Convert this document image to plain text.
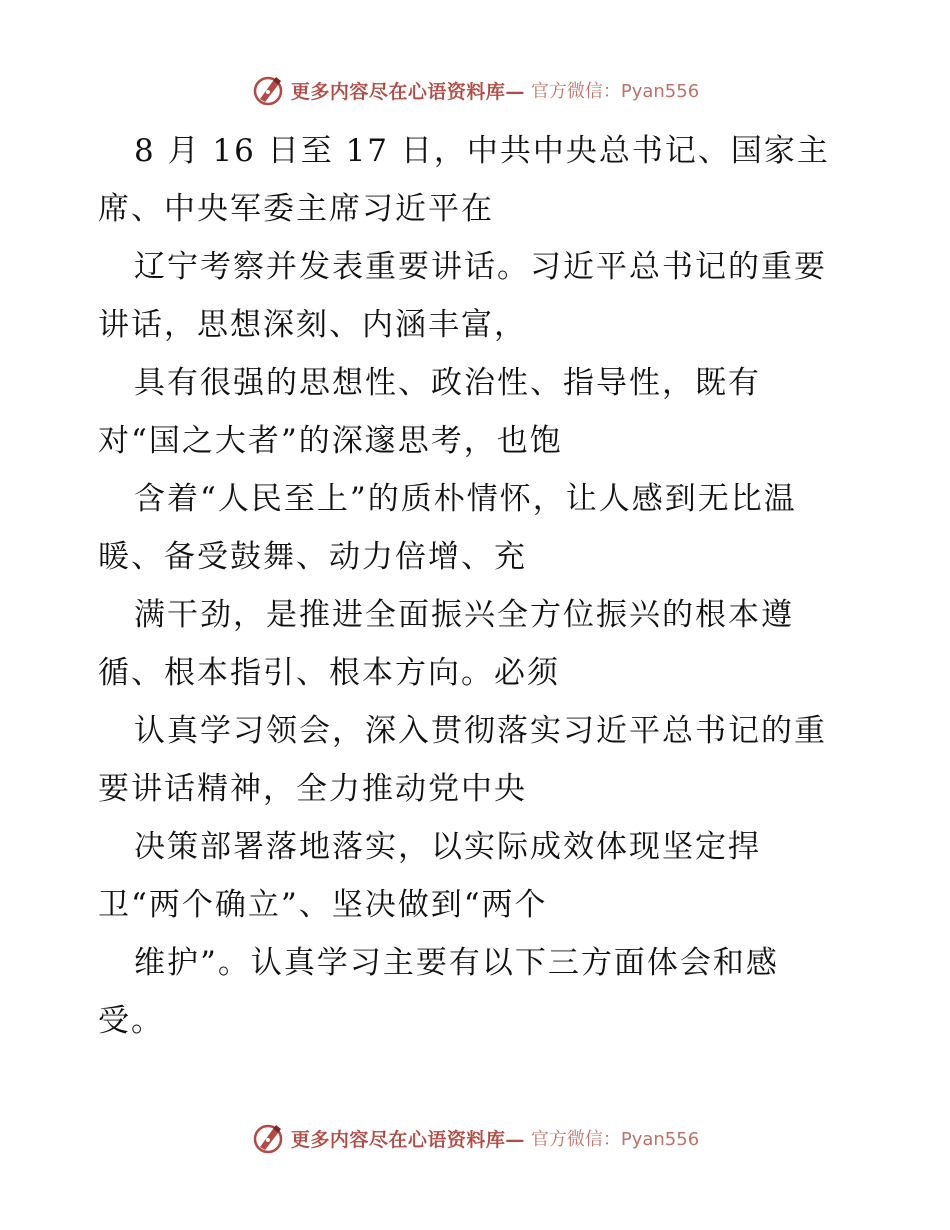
更多内容尽在心语资料库— 官方微信：Pyan556
8 月 16 日至 17 日，中共中央总书记、国家主
席、中央军委主席习近平在
辽宁考察并发表重要讲话。习近平总书记的重要
讲话，思想深刻、内涵丰富，
具有很强的思想性、政治性、指导性，既有
对“国之大者”的深邃思考，也饱
含着“人民至上”的质朴情怀，让人感到无比温
暖、备受鼓舞、动力倍增、充
满干劲，是推进全面振兴全方位振兴的根本遵
循、根本指引、根本方向。必须
认真学习领会，深入贯彻落实习近平总书记的重
要讲话精神，全力推动党中央
决策部署落地落实，以实际成效体现坚定捍
卫“两个确立”、坚决做到“两个
维护”。认真学习主要有以下三方面体会和感
受。
更多内容尽在心语资料库— 官方微信：Pyan556
